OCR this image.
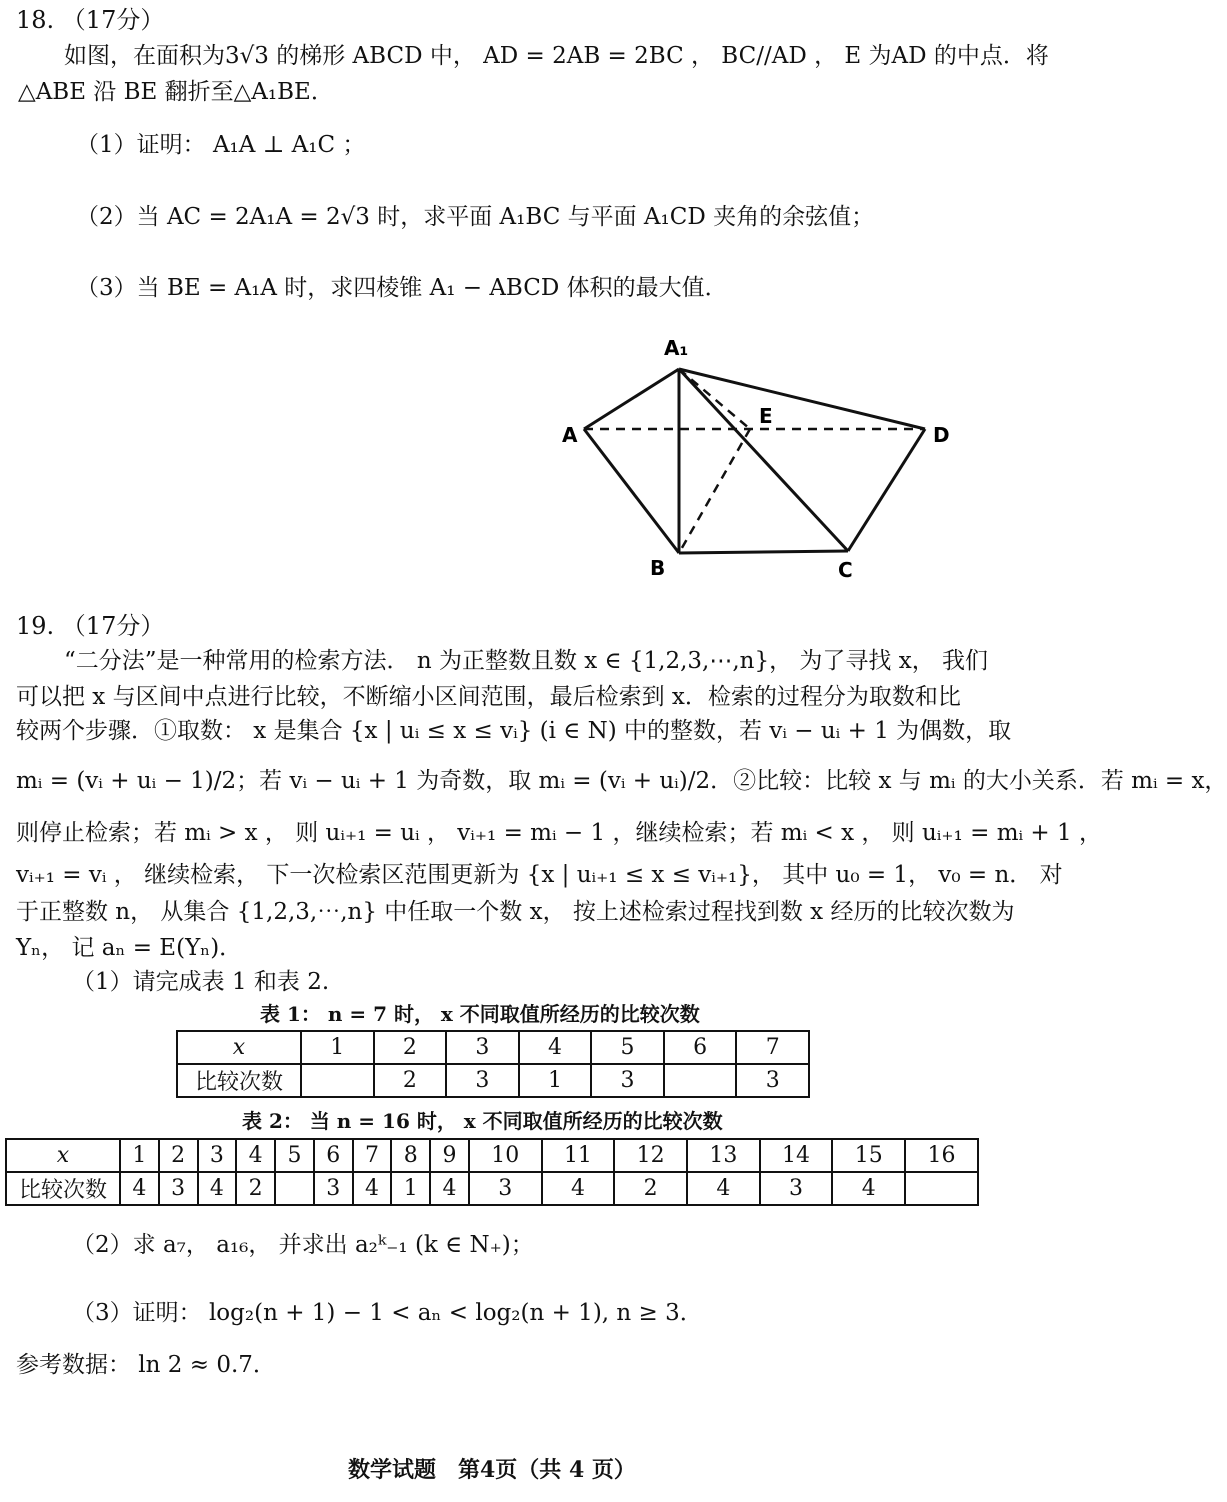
18. （17分）
如图，在面积为3√3 的梯形 ABCD 中， AD = 2AB = 2BC ， BC//AD ， E 为AD 的中点．将
△ABE 沿 BE 翻折至△A₁BE．
（1）证明： A₁A ⊥ A₁C ；
（2）当 AC = 2A₁A = 2√3 时，求平面 A₁BC 与平面 A₁CD 夹角的余弦值；
（3）当 BE = A₁A 时，求四棱锥 A₁ − ABCD 体积的最大值．
A₁
A
E
D
B	C
19. （17分）
“二分法”是一种常用的检索方法． n 为正整数且数 x ∈ {1,2,3,⋯,n}， 为了寻找 x， 我们
可以把 x 与区间中点进行比较，不断缩小区间范围，最后检索到 x．检索的过程分为取数和比
较两个步骤．①取数： x 是集合 {x | uᵢ ≤ x ≤ vᵢ} (i ∈ N) 中的整数，若 vᵢ − uᵢ + 1 为偶数，取
mᵢ = (vᵢ + uᵢ − 1)/2；若 vᵢ − uᵢ + 1 为奇数，取 mᵢ = (vᵢ + uᵢ)/2．②比较：比较 x 与 mᵢ 的大小关系．若 mᵢ = x，
则停止检索；若 mᵢ > x ， 则 uᵢ₊₁ = uᵢ ， vᵢ₊₁ = mᵢ − 1 ，继续检索；若 mᵢ < x ， 则 uᵢ₊₁ = mᵢ + 1 ，
vᵢ₊₁ = vᵢ ， 继续检索， 下一次检索区范围更新为 {x | uᵢ₊₁ ≤ x ≤ vᵢ₊₁}， 其中 u₀ = 1， v₀ = n． 对
于正整数 n， 从集合 {1,2,3,⋯,n} 中任取一个数 x， 按上述检索过程找到数 x 经历的比较次数为
Yₙ， 记 aₙ = E(Yₙ)．
（1）请完成表 1 和表 2.
表 1： n = 7 时， x 不同取值所经历的比较次数
x	1	2	3	4	5	6	7
比较次数		2	3	1	3		3
表 2： 当 n = 16 时， x 不同取值所经历的比较次数
x	1	2	3	4	5	6	7	8	9	10	11	12	13	14	15	16
比较次数	4	3	4	2		3	4	1	4	3	4	2	4	3	4	
（2）求 a₇， a₁₆， 并求出 a₂ᵏ₋₁ (k ∈ N₊)；
（3）证明： log₂(n + 1) − 1 < aₙ < log₂(n + 1), n ≥ 3．
参考数据： ln 2 ≈ 0.7．
数学试题　第4页（共 4 页）
